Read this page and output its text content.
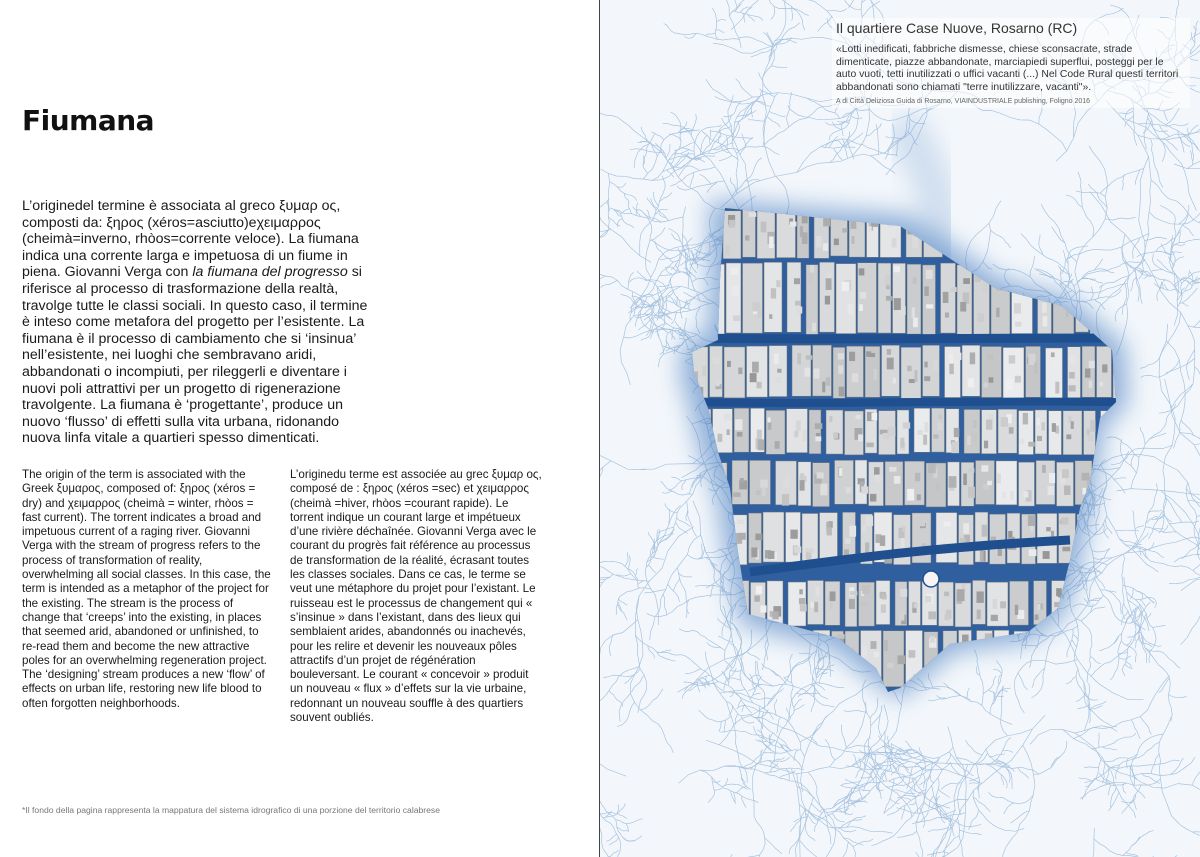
Fiumana

L’originedel termine è associata al greco ξυμαρ ος, composti da: ξηρος (xéros=asciutto)eχειμαρρος (cheimà=inverno, rhòos=corrente veloce). La fiumana indica una corrente larga e impetuosa di un fiume in piena. Giovanni Verga con la fiumana del progresso si riferisce al processo di trasformazione della realtà, travolge tutte le classi sociali. In questo caso, il termine è inteso come metafora del progetto per l’esistente. La fiumana è il processo di cambiamento che si ‘insinua’ nell’esistente, nei luoghi che sembravano aridi, abbandonati o incompiuti, per rileggerli e diventare i nuovi poli attrattivi per un progetto di rigenerazione travolgente. La fiumana è ‘progettante’, produce un nuovo ‘flusso’ di effetti sulla vita urbana, ridonando nuova linfa vitale a quartieri spesso dimenticati.

The origin of the term is associated with the Greek ξυμαρος, composed of: ξηρος (xéros = dry) and χειμαρρος (cheimà = winter, rhòos = fast current). The torrent indicates a broad and impetuous current of a raging river. Giovanni Verga with the stream of progress refers to the process of transformation of reality, overwhelming all social classes. In this case, the term is intended as a metaphor of the project for the existing. The stream is the process of change that ‘creeps’ into the existing, in places that seemed arid, abandoned or unfinished, to re-read them and become the new attractive poles for an overwhelming regeneration project. The ‘designing’ stream produces a new ‘flow’ of effects on urban life, restoring new life blood to often forgotten neighborhoods.

L’originedu terme est associée au grec ξυμαρ ος, composé de : ξηρος (xéros =sec) et χειμαρρος (cheimà =hiver, rhòos =courant rapide). Le torrent indique un courant large et impétueux d’une rivière déchaînée. Giovanni Verga avec le courant du progrès fait référence au processus de transformation de la réalité, écrasant toutes les classes sociales. Dans ce cas, le terme se veut une métaphore du projet pour l’existant. Le ruisseau est le processus de changement qui « s’insinue » dans l’existant, dans des lieux qui semblaient arides, abandonnés ou inachevés, pour les relire et devenir les nouveaux pôles attractifs d’un projet de régénération bouleversant. Le courant « concevoir » produit un nouveau « flux » d’effets sur la vie urbaine, redonnant un nouveau souffle à des quartiers souvent oubliés.

*Il fondo della pagina rappresenta la mappatura del sistema idrografico di una porzione del territorio calabrese

Il quartiere Case Nuove, Rosarno (RC)

«Lotti inedificati, fabbriche dismesse, chiese sconsacrate, strade dimenticate, piazze abbandonate, marciapiedi superflui, posteggi per le auto vuoti, tetti inutilizzati o uffici vacanti (...) Nel Code Rural questi territori abbandonati sono chiamati "terre inutilizzare, vacanti"».

A di Città Deliziosa Guida di Rosarno, VIAINDUSTRIALE publishing, Foligno 2016
